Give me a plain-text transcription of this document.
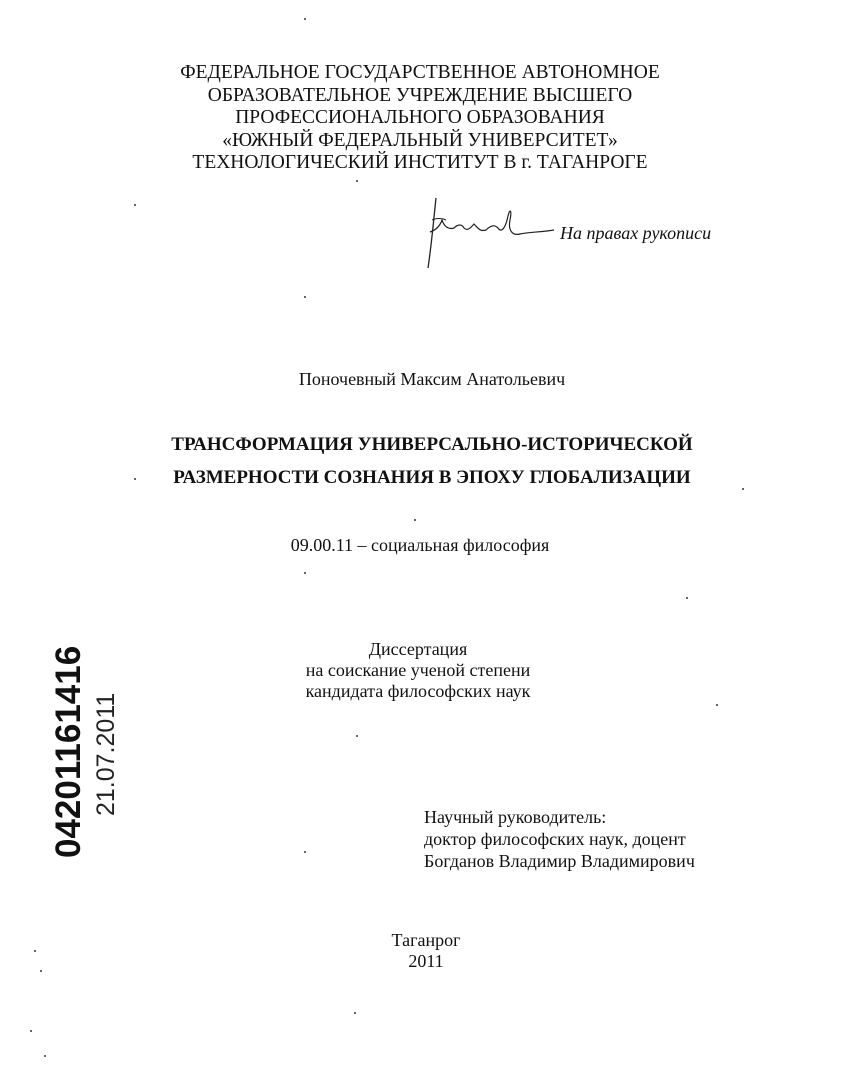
ФЕДЕРАЛЬНОЕ ГОСУДАРСТВЕННОЕ АВТОНОМНОЕ
ОБРАЗОВАТЕЛЬНОЕ УЧРЕЖДЕНИЕ ВЫСШЕГО
ПРОФЕССИОНАЛЬНОГО ОБРАЗОВАНИЯ
«ЮЖНЫЙ ФЕДЕРАЛЬНЫЙ УНИВЕРСИТЕТ»
ТЕХНОЛОГИЧЕСКИЙ ИНСТИТУТ В г. ТАГАНРОГЕ
На правах рукописи
Поночевный Максим Анатольевич
ТРАНСФОРМАЦИЯ УНИВЕРСАЛЬНО-ИСТОРИЧЕСКОЙ
РАЗМЕРНОСТИ СОЗНАНИЯ В ЭПОХУ ГЛОБАЛИЗАЦИИ
09.00.11 – социальная философия
Диссертация
на соискание ученой степени
кандидата философских наук
Научный руководитель:
доктор философских наук, доцент
Богданов Владимир Владимирович
Таганрог
2011
04201161416 21.07.2011
